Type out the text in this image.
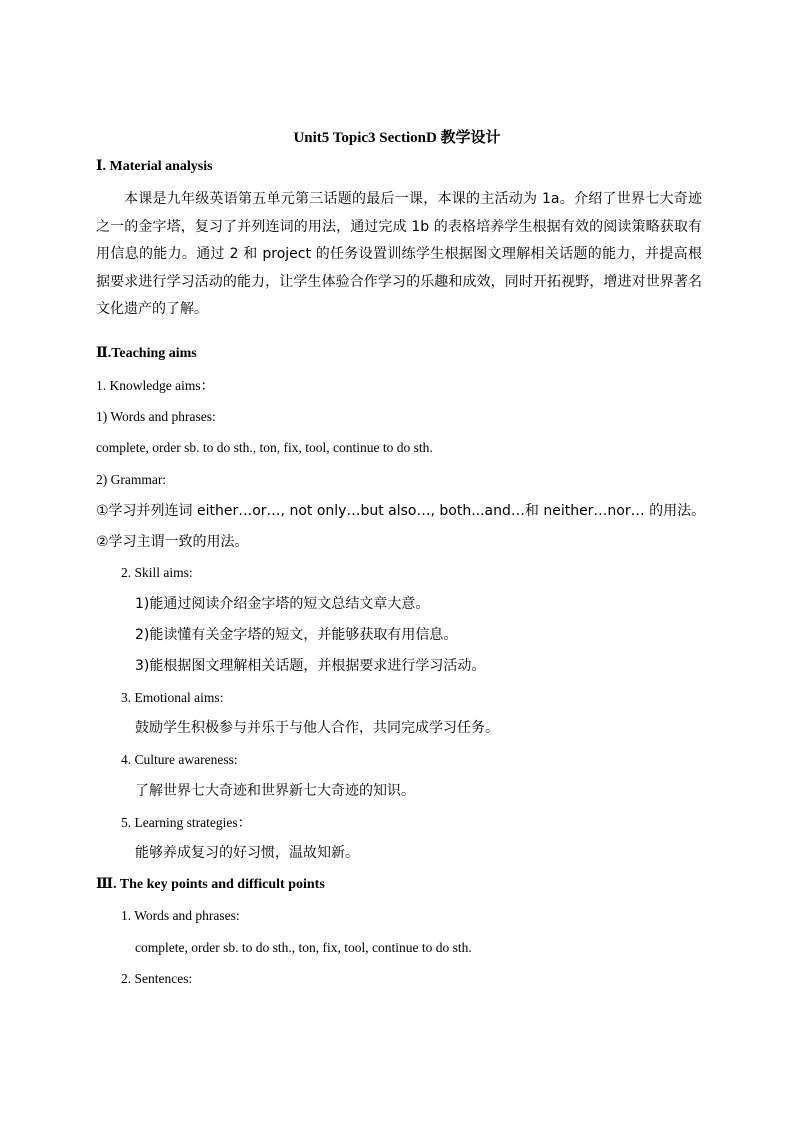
Unit5 Topic3 SectionD 教学设计
Ⅰ. Material analysis
本课是九年级英语第五单元第三话题的最后一课，本课的主活动为 1a。介绍了世界七大奇迹之一的金字塔，复习了并列连词的用法，通过完成 1b 的表格培养学生根据有效的阅读策略获取有用信息的能力。通过 2 和 project 的任务设置训练学生根据图文理解相关话题的能力，并提高根据要求进行学习活动的能力，让学生体验合作学习的乐趣和成效，同时开拓视野，增进对世界著名文化遗产的了解。
Ⅱ.Teaching aims
1. Knowledge aims：
1) Words and phrases:
complete, order sb. to do sth., ton, fix, tool, continue to do sth.
2) Grammar:
①学习并列连词 either…or…, not only…but also…, both...and…和 neither…nor… 的用法。
②学习主谓一致的用法。
2. Skill aims:
1)能通过阅读介绍金字塔的短文总结文章大意。
2)能读懂有关金字塔的短文，并能够获取有用信息。
3)能根据图文理解相关话题，并根据要求进行学习活动。
3. Emotional aims:
鼓励学生积极参与并乐于与他人合作，共同完成学习任务。
4. Culture awareness:
了解世界七大奇迹和世界新七大奇迹的知识。
5. Learning strategies：
能够养成复习的好习惯，温故知新。
Ⅲ. The key points and difficult points
1. Words and phrases:
complete, order sb. to do sth., ton, fix, tool, continue to do sth.
2. Sentences:
